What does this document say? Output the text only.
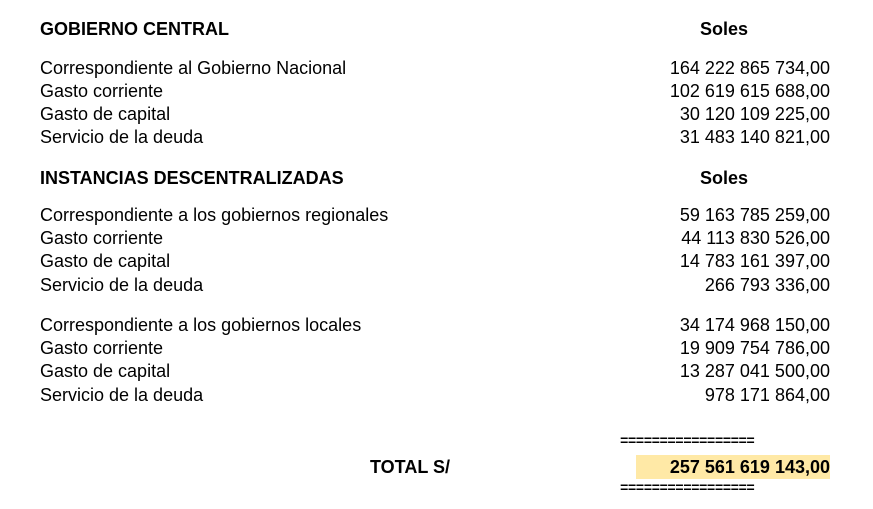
GOBIERNO CENTRAL	Soles
Correspondiente al Gobierno Nacional	164 222 865 734,00
Gasto corriente	102 619 615 688,00
Gasto de capital	30 120 109 225,00
Servicio de la deuda	31 483 140 821,00
INSTANCIAS DESCENTRALIZADAS	Soles
Correspondiente a los gobiernos regionales	59 163 785 259,00
Gasto corriente	44 113 830 526,00
Gasto de capital	14 783 161 397,00
Servicio de la deuda	266 793 336,00
Correspondiente a los gobiernos locales	34 174 968 150,00
Gasto corriente	19 909 754 786,00
Gasto de capital	13 287 041 500,00
Servicio de la deuda	978 171 864,00
=================
TOTAL S/	257 561 619 143,00
=================
